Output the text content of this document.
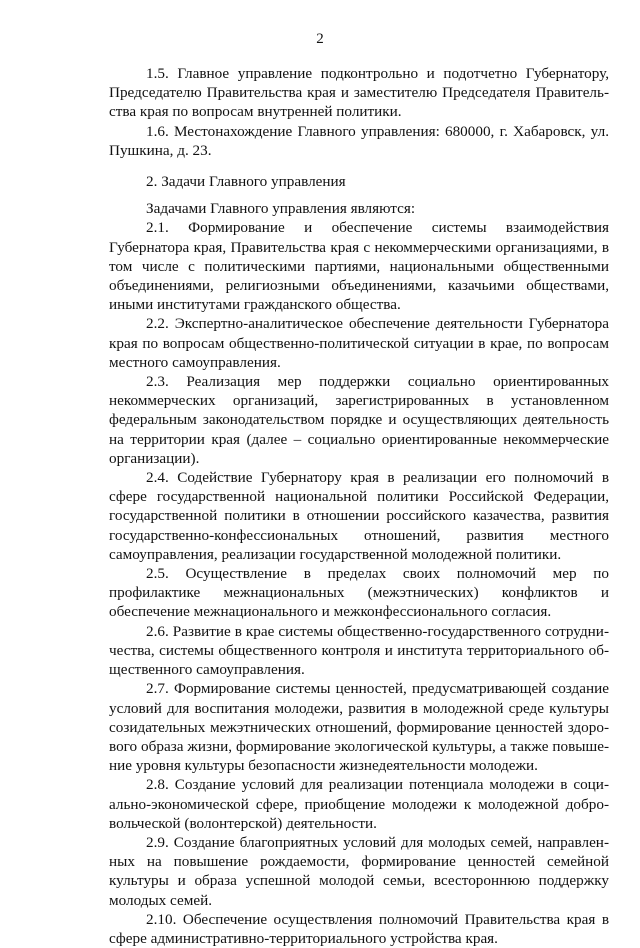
2

1.5. Главное управление подконтрольно и подотчетно Губернатору, Председателю Правительства края и заместителю Председателя Правительства края по вопросам внутренней политики.

1.6. Местонахождение Главного управления: 680000, г. Хабаровск, ул. Пушкина, д. 23.

2. Задачи Главного управления

Задачами Главного управления являются:

2.1. Формирование и обеспечение системы взаимодействия Губернатора края, Правительства края с некоммерческими организациями, в том числе с политическими партиями, национальными общественными объединениями, религиозными объединениями, казачьими обществами, иными институтами гражданского общества.

2.2. Экспертно-аналитическое обеспечение деятельности Губернатора края по вопросам общественно-политической ситуации в крае, по вопросам местного самоуправления.

2.3. Реализация мер поддержки социально ориентированных некоммерческих организаций, зарегистрированных в установленном федеральным законодательством порядке и осуществляющих деятельность на территории края (далее – социально ориентированные некоммерческие организации).

2.4. Содействие Губернатору края в реализации его полномочий в сфере государственной национальной политики Российской Федерации, государственной политики в отношении российского казачества, развития государственно-конфессиональных отношений, развития местного самоуправления, реализации государственной молодежной политики.

2.5. Осуществление в пределах своих полномочий мер по профилактике межнациональных (межэтнических) конфликтов и обеспечение межнационального и межконфессионального согласия.

2.6. Развитие в крае системы общественно-государственного сотрудничества, системы общественного контроля и института территориального общественного самоуправления.

2.7. Формирование системы ценностей, предусматривающей создание условий для воспитания молодежи, развития в молодежной среде культуры созидательных межэтнических отношений, формирование ценностей здорового образа жизни, формирование экологической культуры, а также повышение уровня культуры безопасности жизнедеятельности молодежи.

2.8. Создание условий для реализации потенциала молодежи в социально-экономической сфере, приобщение молодежи к молодежной добровольческой (волонтерской) деятельности.

2.9. Создание благоприятных условий для молодых семей, направленных на повышение рождаемости, формирование ценностей семейной культуры и образа успешной молодой семьи, всестороннюю поддержку молодых семей.

2.10. Обеспечение осуществления полномочий Правительства края в сфере административно-территориального устройства края.
